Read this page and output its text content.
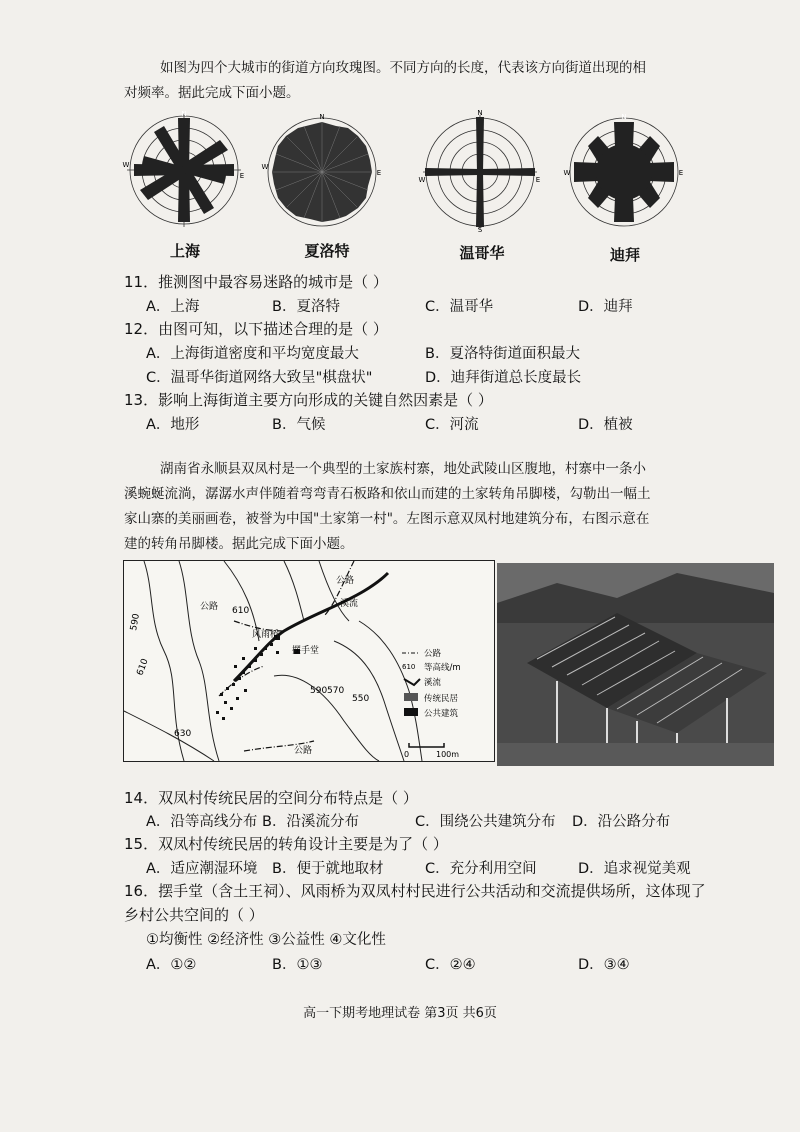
如图为四个大城市的街道方向玫瑰图。不同方向的长度，代表该方向街道出现的相
对频率。据此完成下面小题。
N
W
E
N
W
E
N
W	E
S
N
W	E
上海	夏洛特	温哥华	迪拜
11．推测图中最容易迷路的城市是（ ）
A．上海	B．夏洛特	C．温哥华	D．迪拜
12．由图可知，以下描述合理的是（ ）
A．上海街道密度和平均宽度最大	B．夏洛特街道面积最大
C．温哥华街道网络大致呈"棋盘状"	D．迪拜街道总长度最长
13．影响上海街道主要方向形成的关键自然因素是（ ）
A．地形	B．气候	C．河流	D．植被
湖南省永顺县双凤村是一个典型的土家族村寨，地处武陵山区腹地，村寨中一条小
溪蜿蜒流淌，潺潺水声伴随着弯弯青石板路和依山而建的土家转角吊脚楼，勾勒出一幅土
家山寨的美丽画卷，被誉为中国"土家第一村"。左图示意双凤村地建筑分布，右图示意在
建的转角吊脚楼。据此完成下面小题。
590
610
610
630
590 570
550
公路
公路
公路
风雨桥
溪流
摆手堂	公路
610 等高线/m
溪流
传统民居
公共建筑
0	100m
14．双凤村传统民居的空间分布特点是（ ）
A．沿等高线分布 B．沿溪流分布	C．围绕公共建筑分布 D．沿公路分布
15．双凤村传统民居的转角设计主要是为了（ ）
A．适应潮湿环境 B．便于就地取材	C．充分利用空间	D．追求视觉美观
16．摆手堂（含土王祠）、风雨桥为双凤村村民进行公共活动和交流提供场所，这体现了
乡村公共空间的（ ）
①均衡性 ②经济性 ③公益性 ④文化性
A．①②	B．①③	C．②④	D．③④
高一下期考地理试卷 第3页 共6页
